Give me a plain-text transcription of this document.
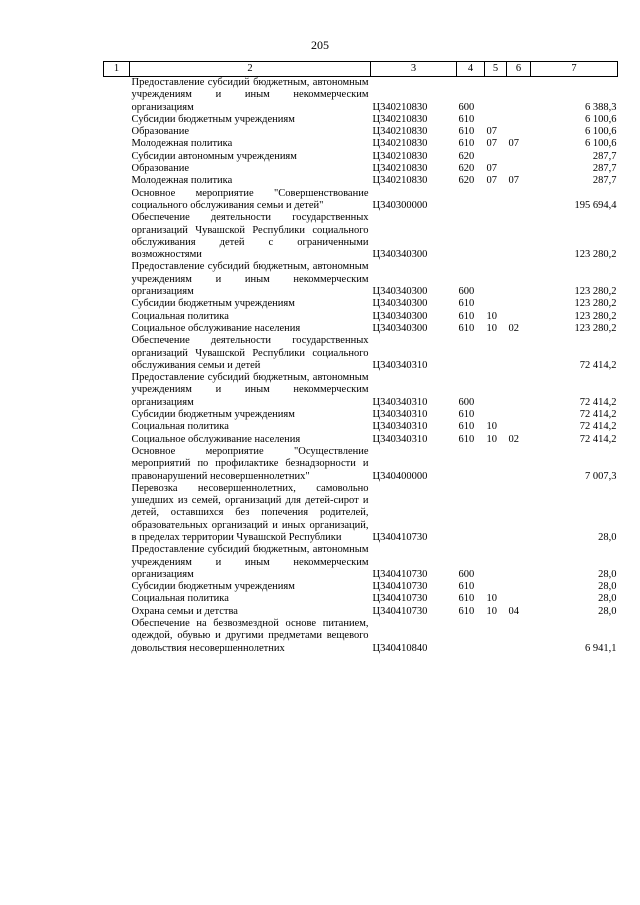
205
1	2	3	4	5	6	7
	Предоставление субсидий бюджетным, автономным учреждениям и иным некоммерческим организациям	Ц340210830	600			6 388,3
	Субсидии бюджетным учреждениям	Ц340210830	610			6 100,6
	Образование	Ц340210830	610	07		6 100,6
	Молодежная политика	Ц340210830	610	07	07	6 100,6
	Субсидии автономным учреждениям	Ц340210830	620			287,7
	Образование	Ц340210830	620	07		287,7
	Молодежная политика	Ц340210830	620	07	07	287,7
	Основное мероприятие "Совершенствование социального обслуживания семьи и детей"	Ц340300000				195 694,4
	Обеспечение деятельности государственных организаций Чувашской Республики социального обслуживания детей с ограниченными возможностями	Ц340340300				123 280,2
	Предоставление субсидий бюджетным, автономным учреждениям и иным некоммерческим организациям	Ц340340300	600			123 280,2
	Субсидии бюджетным учреждениям	Ц340340300	610			123 280,2
	Социальная политика	Ц340340300	610	10		123 280,2
	Социальное обслуживание населения	Ц340340300	610	10	02	123 280,2
	Обеспечение деятельности государственных организаций Чувашской Республики социального обслуживания семьи и детей	Ц340340310				72 414,2
	Предоставление субсидий бюджетным, автономным учреждениям и иным некоммерческим организациям	Ц340340310	600			72 414,2
	Субсидии бюджетным учреждениям	Ц340340310	610			72 414,2
	Социальная политика	Ц340340310	610	10		72 414,2
	Социальное обслуживание населения	Ц340340310	610	10	02	72 414,2
	Основное мероприятие "Осуществление мероприятий по профилактике безнадзорности и правонарушений несовершеннолетних"	Ц340400000				7 007,3
	Перевозка несовершеннолетних, самовольно ушедших из семей, организаций для детей-сирот и детей, оставшихся без попечения родителей, образовательных организаций и иных организаций, в пределах территории Чувашской Республики	Ц340410730				28,0
	Предоставление субсидий бюджетным, автономным учреждениям и иным некоммерческим организациям	Ц340410730	600			28,0
	Субсидии бюджетным учреждениям	Ц340410730	610			28,0
	Социальная политика	Ц340410730	610	10		28,0
	Охрана семьи и детства	Ц340410730	610	10	04	28,0
	Обеспечение на безвозмездной основе питанием, одеждой, обувью и другими предметами вещевого довольствия несовершеннолетних	Ц340410840				6 941,1
